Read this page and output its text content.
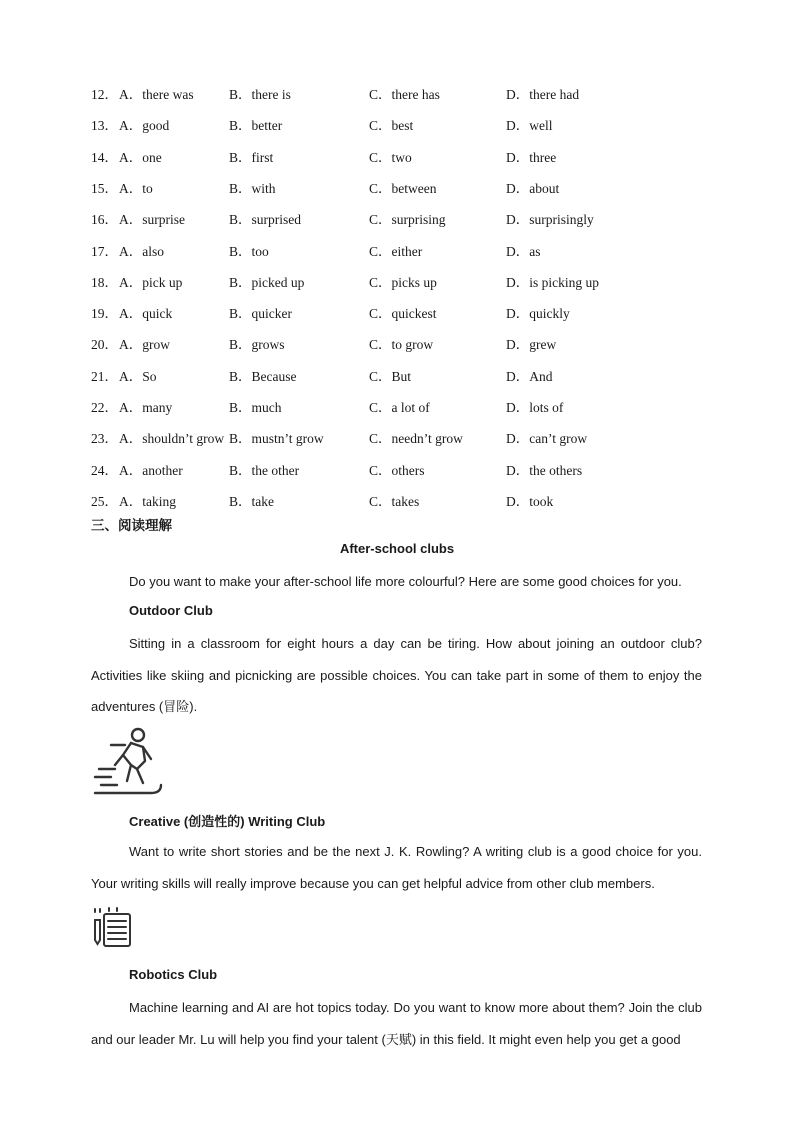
12． A．there was	B．there is	C．there has	D．there had
13． A．good	B．better	C．best	D．well
14． A．one	B．first	C．two	D．three
15． A．to	B．with	C．between	D．about
16． A．surprise	B．surprised	C．surprising	D．surprisingly
17． A．also	B．too	C．either	D．as
18． A．pick up	B．picked up	C．picks up	D．is picking up
19． A．quick	B．quicker	C．quickest	D．quickly
20． A．grow	B．grows	C．to grow	D．grew
21． A．So	B．Because	C．But	D．And
22． A．many	B．much	C．a lot of	D．lots of
23． A．shouldn’t grow B．mustn’t grow	C．needn’t grow	D．can’t grow
24． A．another	B．the other	C．others	D．the others
25． A．taking	B．take	C．takes	D．took
三、阅读理解
After-school clubs

Do you want to make your after-school life more colourful? Here are some good choices for you.

Outdoor Club

Sitting in a classroom for eight hours a day can be tiring. How about joining an outdoor club? Activities like skiing and picnicking are possible choices. You can take part in some of them to enjoy the adventures (冒险).

Creative (创造性的) Writing Club

Want to write short stories and be the next J. K. Rowling? A writing club is a good choice for you. Your writing skills will really improve because you can get helpful advice from other club members.

Robotics Club

Machine learning and AI are hot topics today. Do you want to know more about them? Join the club and our leader Mr. Lu will help you find your talent (天赋) in this field. It might even help you get a good
